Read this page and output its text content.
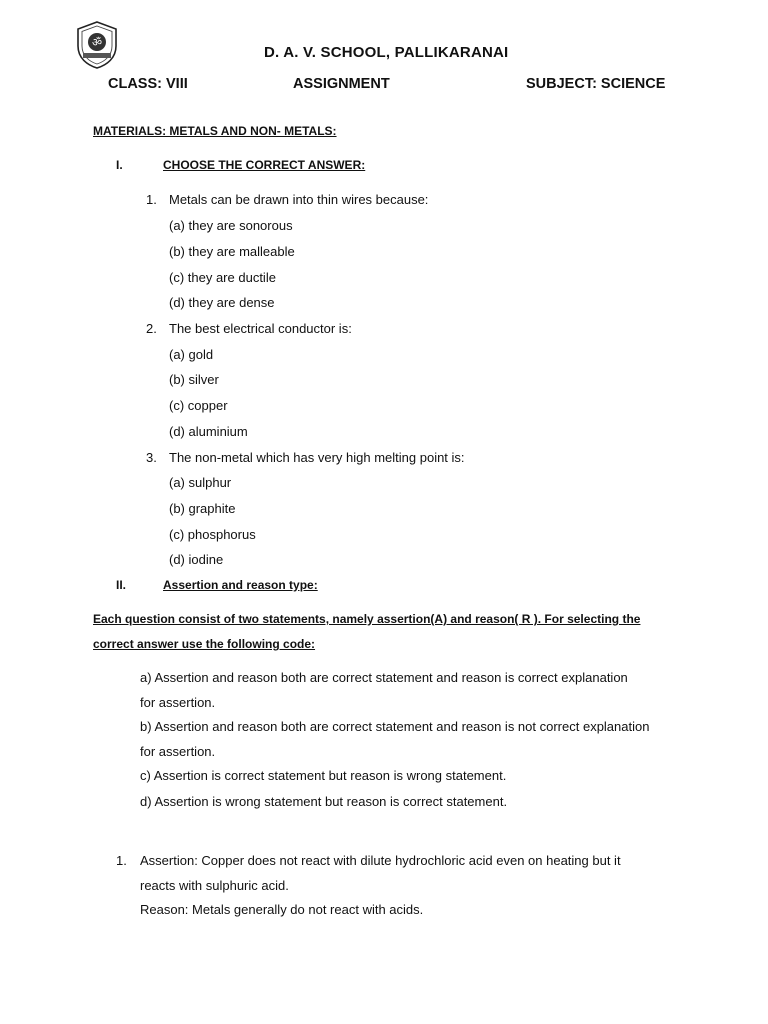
ॐ
D. A. V. SCHOOL, PALLIKARANAI
CLASS: VIII	ASSIGNMENT	SUBJECT: SCIENCE
MATERIALS: METALS AND NON- METALS:
I.	CHOOSE THE CORRECT ANSWER:
1. Metals can be drawn into thin wires because:
(a) they are sonorous
(b) they are malleable
(c) they are ductile
(d) they are dense
2. The best electrical conductor is:
(a) gold
(b) silver
(c) copper
(d) aluminium
3. The non-metal which has very high melting point is:
(a) sulphur
(b) graphite
(c) phosphorus
(d) iodine
II.	Assertion and reason type:
Each question consist of two statements, namely assertion(A) and reason( R ). For selecting the
correct answer use the following code:
a) Assertion and reason both are correct statement and reason is correct explanation
for assertion.
b) Assertion and reason both are correct statement and reason is not correct explanation
for assertion.
c) Assertion is correct statement but reason is wrong statement.
d) Assertion is wrong statement but reason is correct statement.
1. Assertion: Copper does not react with dilute hydrochloric acid even on heating but it
reacts with sulphuric acid.
Reason: Metals generally do not react with acids.
